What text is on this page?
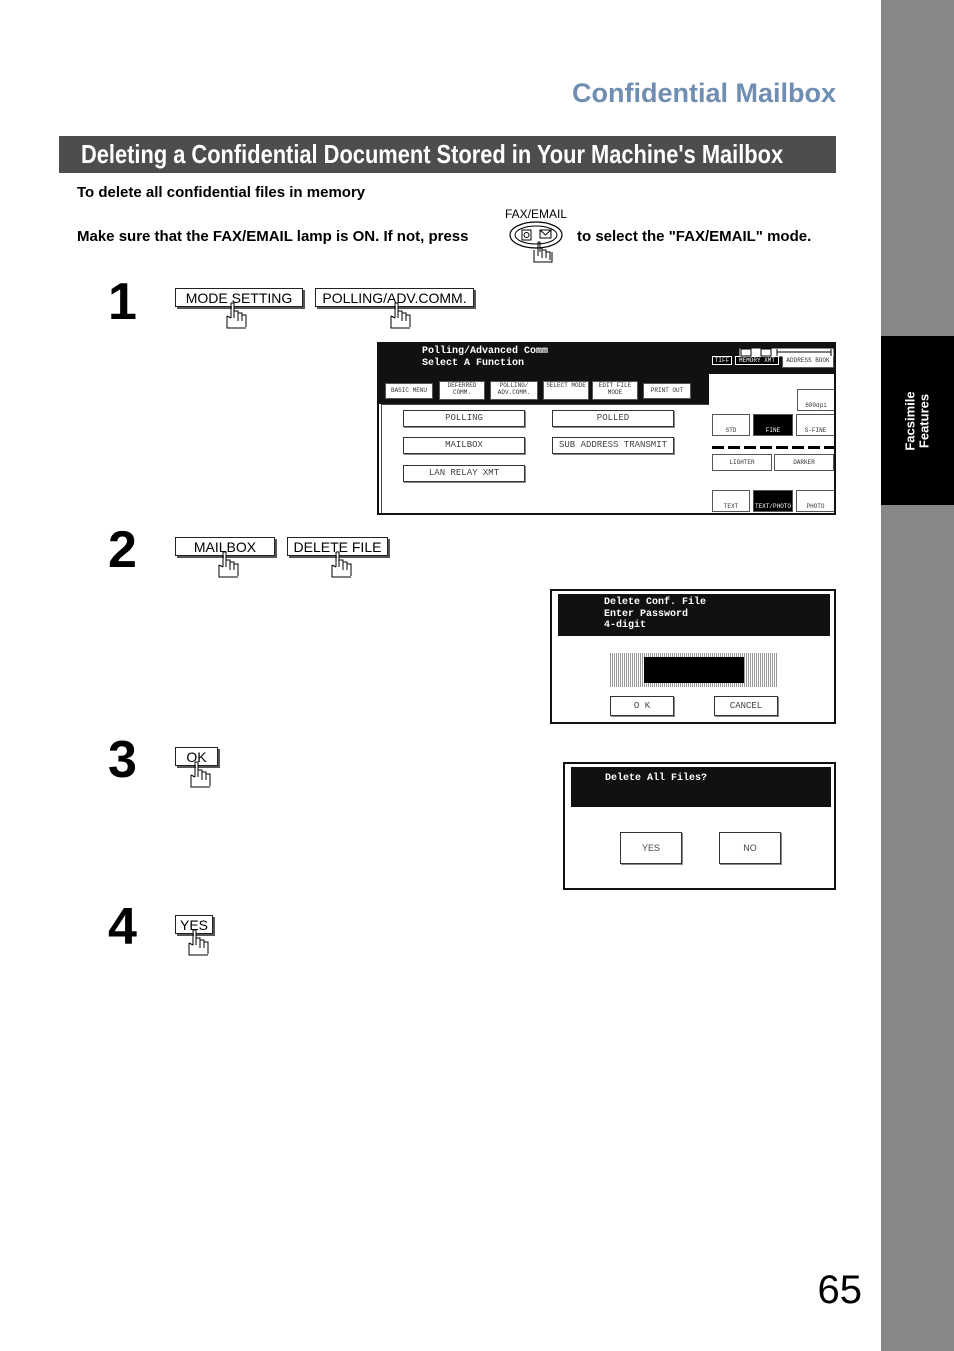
Facsimile Features
Confidential Mailbox
Deleting a Confidential Document Stored in Your Machine's Mailbox
To delete all confidential files in memory
Make sure that the FAX/EMAIL lamp is ON. If not, press
FAX/EMAIL
to select the "FAX/EMAIL" mode.
1	MODE SETTING	POLLING/ADV.COMM.
Polling/Advanced Comm
Select A Function
BASIC MENU
DEFERRED COMM.
POLLING/ ADV.COMM.
SELECT MODE	EDIT FILE MODE	PRINT OUT
POLLING	POLLED
MAILBOX	SUB ADDRESS TRANSMIT
LAN RELAY XMT
TIFF	MEMORY XMT	ADDRESS BOOK
600dpi
STD	FINE	S-FINE
LIGHTER	DARKER
TEXT	TEXT/PHOTO	PHOTO
2	MAILBOX	DELETE FILE
Delete Conf. File
Enter Password
4-digit
O K	CANCEL
3	OK
Delete All Files?
YES	NO
4	YES
65
